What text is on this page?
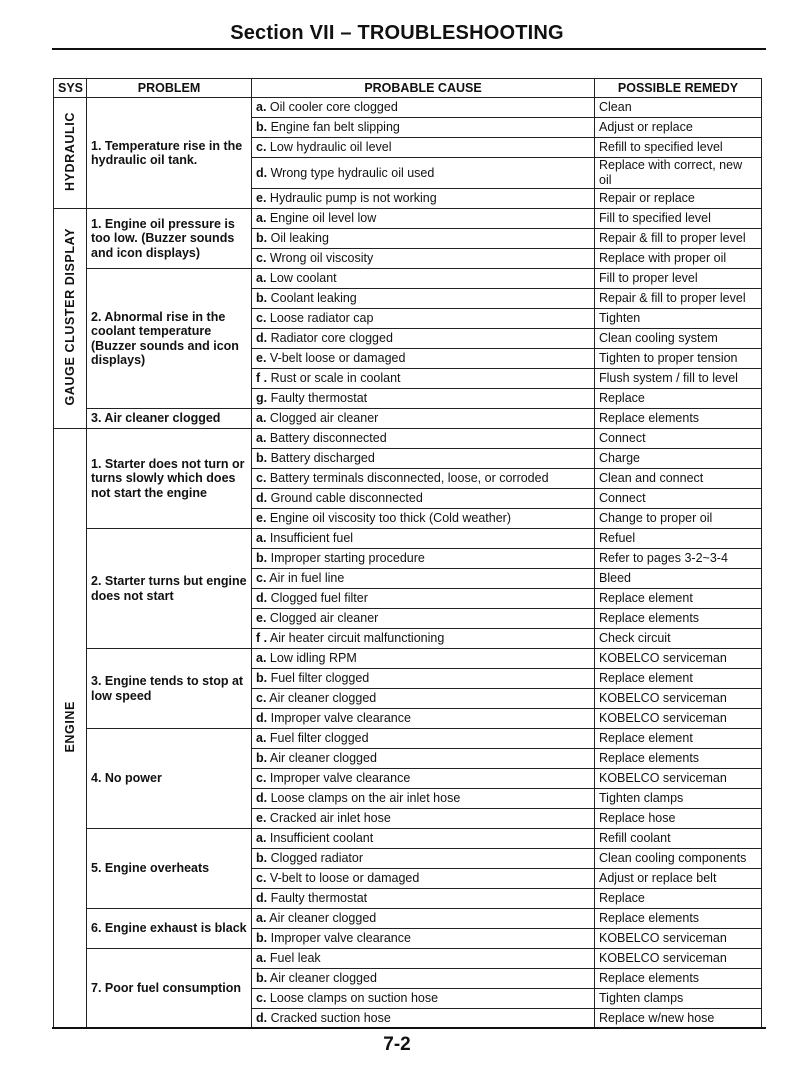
Section VII – TROUBLESHOOTING
SYS	PROBLEM	PROBABLE CAUSE	POSSIBLE REMEDY
HYDRAULIC	1. Temperature rise in the hydraulic oil tank.	a. Oil cooler core clogged	Clean
		b. Engine fan belt slipping	Adjust or replace
		c. Low hydraulic oil level	Refill to specified level
		d. Wrong type hydraulic oil used	Replace with correct, new oil
		e. Hydraulic pump is not working	Repair or replace
GAUGE CLUSTER DISPLAY	1. Engine oil pressure is too low. (Buzzer sounds and icon displays)	a. Engine oil level low	Fill to specified level
		b. Oil leaking	Repair & fill to proper level
		c. Wrong oil viscosity	Replace with proper oil
	2. Abnormal rise in the coolant temperature (Buzzer sounds and icon displays)	a. Low coolant	Fill to proper level
		b. Coolant leaking	Repair & fill to proper level
		c. Loose radiator cap	Tighten
		d. Radiator core clogged	Clean cooling system
		e. V-belt loose or damaged	Tighten to proper tension
		f . Rust or scale in coolant	Flush system / fill to level
		g. Faulty thermostat	Replace
	3. Air cleaner clogged	a. Clogged air cleaner	Replace elements
ENGINE	1. Starter does not turn or turns slowly which does not start the engine	a. Battery disconnected	Connect
		b. Battery discharged	Charge
		c. Battery terminals disconnected, loose, or corroded	Clean and connect
		d. Ground cable disconnected	Connect
		e. Engine oil viscosity too thick (Cold weather)	Change to proper oil
	2. Starter turns but engine does not start	a. Insufficient fuel	Refuel
		b. Improper starting procedure	Refer to pages 3-2~3-4
		c. Air in fuel line	Bleed
		d. Clogged fuel filter	Replace element
		e. Clogged air cleaner	Replace elements
		f . Air heater circuit malfunctioning	Check circuit
	3. Engine tends to stop at low speed	a. Low idling RPM	KOBELCO serviceman
		b. Fuel filter clogged	Replace element
		c. Air cleaner clogged	KOBELCO serviceman
		d. Improper valve clearance	KOBELCO serviceman
	4. No power	a. Fuel filter clogged	Replace element
		b. Air cleaner clogged	Replace elements
		c. Improper valve clearance	KOBELCO serviceman
		d. Loose clamps on the air inlet hose	Tighten clamps
		e. Cracked air inlet hose	Replace hose
	5. Engine overheats	a. Insufficient coolant	Refill coolant
		b. Clogged radiator	Clean cooling components
		c. V-belt to loose or damaged	Adjust or replace belt
		d. Faulty thermostat	Replace
	6. Engine exhaust is black	a. Air cleaner clogged	Replace elements
		b. Improper valve clearance	KOBELCO serviceman
	7. Poor fuel consumption	a. Fuel leak	KOBELCO serviceman
		b. Air cleaner clogged	Replace elements
		c. Loose clamps on suction hose	Tighten clamps
		d. Cracked suction hose	Replace w/new hose
7-2
